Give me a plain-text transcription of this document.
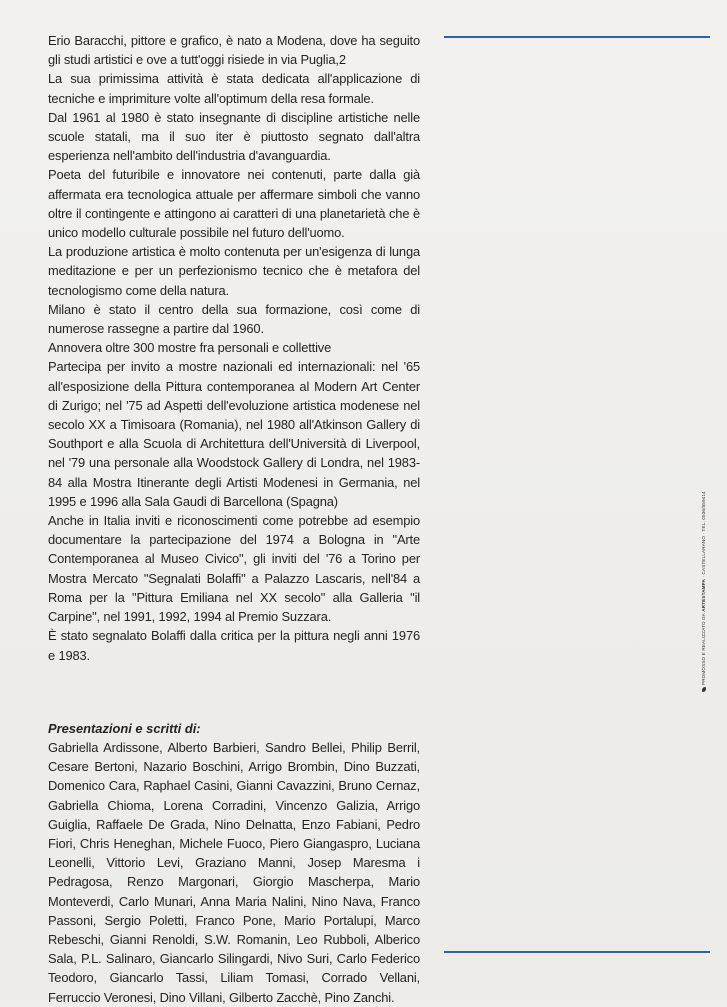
Erio Baracchi, pittore e grafico, è nato a Modena, dove ha seguito gli studi artistici e ove a tutt'oggi risiede in via Puglia,2

La sua primissima attività è stata dedicata all'applicazione di tecniche e imprimiture volte all'optimum della resa formale.

Dal 1961 al 1980 è stato insegnante di discipline artistiche nelle scuole statali, ma il suo iter è piuttosto segnato dall'altra esperienza nell'ambito dell'industria d'avanguardia.

Poeta del futuribile e innovatore nei contenuti, parte dalla già affermata era tecnologica attuale per affermare simboli che vanno oltre il contingente e attingono ai caratteri di una planetarietà che è unico modello culturale possibile nel futuro dell'uomo.

La produzione artistica è molto contenuta per un'esigenza di lunga meditazione e per un perfezionismo tecnico che è metafora del tecnologismo come della natura.

Milano è stato il centro della sua formazione, così come di numerose rassegne a partire dal 1960.

Annovera oltre 300 mostre fra personali e collettive

Partecipa per invito a mostre nazionali ed internazionali: nel '65 all'esposizione della Pittura contemporanea al Modern Art Center di Zurigo; nel '75 ad Aspetti dell'evoluzione artistica modenese nel secolo XX a Timisoara (Romania), nel 1980 all'Atkinson Gallery di Southport e alla Scuola di Architettura dell'Università di Liverpool, nel '79 una personale alla Woodstock Gallery di Londra, nel 1983-84 alla Mostra Itinerante degli Artisti Modenesi in Germania, nel 1995 e 1996 alla Sala Gaudi di Barcellona (Spagna)

Anche in Italia inviti e riconoscimenti come potrebbe ad esempio documentare la partecipazione del 1974 a Bologna in "Arte Contemporanea al Museo Civico", gli inviti del '76 a Torino per Mostra Mercato "Segnalati Bolaffi" a Palazzo Lascaris, nell'84 a Roma per la "Pittura Emiliana nel XX secolo" alla Galleria "il Carpine", nel 1991, 1992, 1994 al Premio Suzzara.

È stato segnalato Bolaffi dalla critica per la pittura negli anni 1976 e 1983.

Presentazioni e scritti di:
Gabriella Ardissone, Alberto Barbieri, Sandro Bellei, Philip Berril, Cesare Bertoni, Nazario Boschini, Arrigo Brombin, Dino Buzzati, Domenico Cara, Raphael Casini, Gianni Cavazzini, Bruno Cernaz, Gabriella Chioma, Lorena Corradini, Vincenzo Galizia, Arrigo Guiglia, Raffaele De Grada, Nino Delnatta, Enzo Fabiani, Pedro Fiori, Chris Heneghan, Michele Fuoco, Piero Giangaspro, Luciana Leonelli, Vittorio Levi, Graziano Manni, Josep Maresma i Pedragosa, Renzo Margonari, Giorgio Mascherpa, Mario Monteverdi, Carlo Munari, Anna Maria Nalini, Nino Nava, Franco Passoni, Sergio Poletti, Franco Pone, Mario Portalupi, Marco Rebeschi, Gianni Renoldi, S.W. Romanin, Leo Rubboli, Alberico Sala, P.L. Salinaro, Giancarlo Silingardi, Nivo Suri, Carlo Federico Teodoro, Giancarlo Tassi, Liliam Tomasi, Corrado Vellani, Ferruccio Veronesi, Dino Villani, Gilberto Zacchè, Pino Zanchi.
PROMOSSO E REALIZZATO DA ARTESTAMPA · CASTELLARANO · TEL. 0536/859414
